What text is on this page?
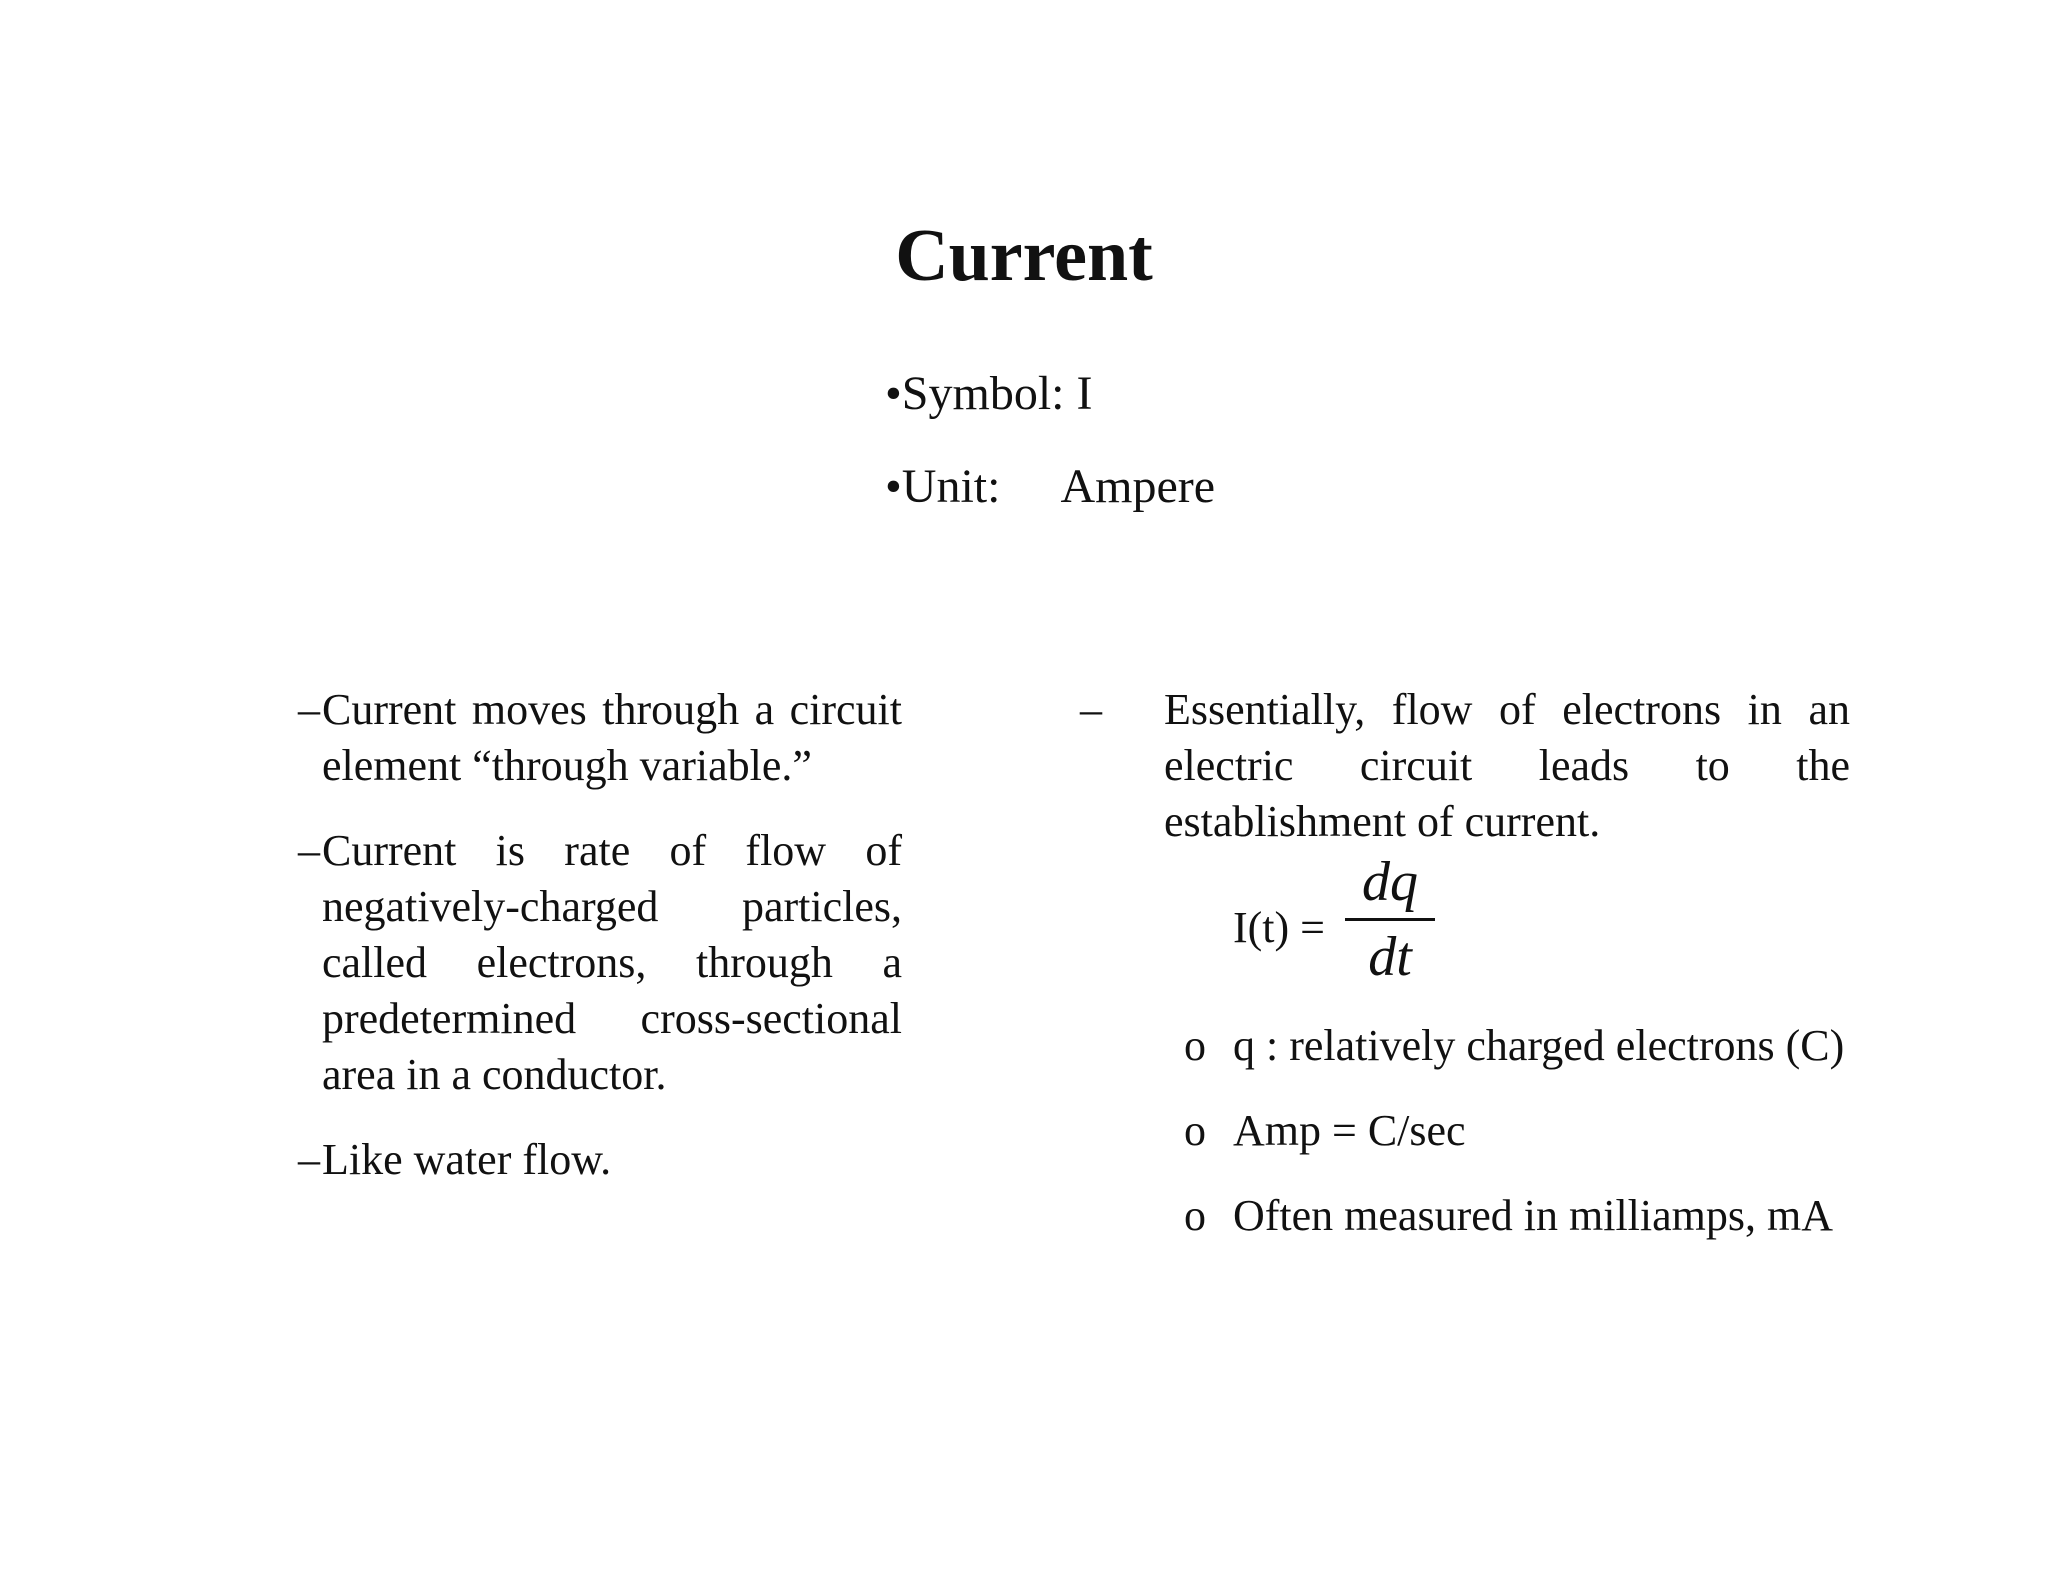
Current
•Symbol: I
•Unit: Ampere
– Current moves through a circuit element “through variable.”
– Current is rate of flow of negatively-charged particles, called electrons, through a predetermined cross-sectional area in a conductor.
– Like water flow.
– Essentially, flow of electrons in an electric circuit leads to the establishment of current.
I(t) =
dq
dt
o q : relatively charged electrons (C)
o Amp = C/sec
o Often measured in milliamps, mA
